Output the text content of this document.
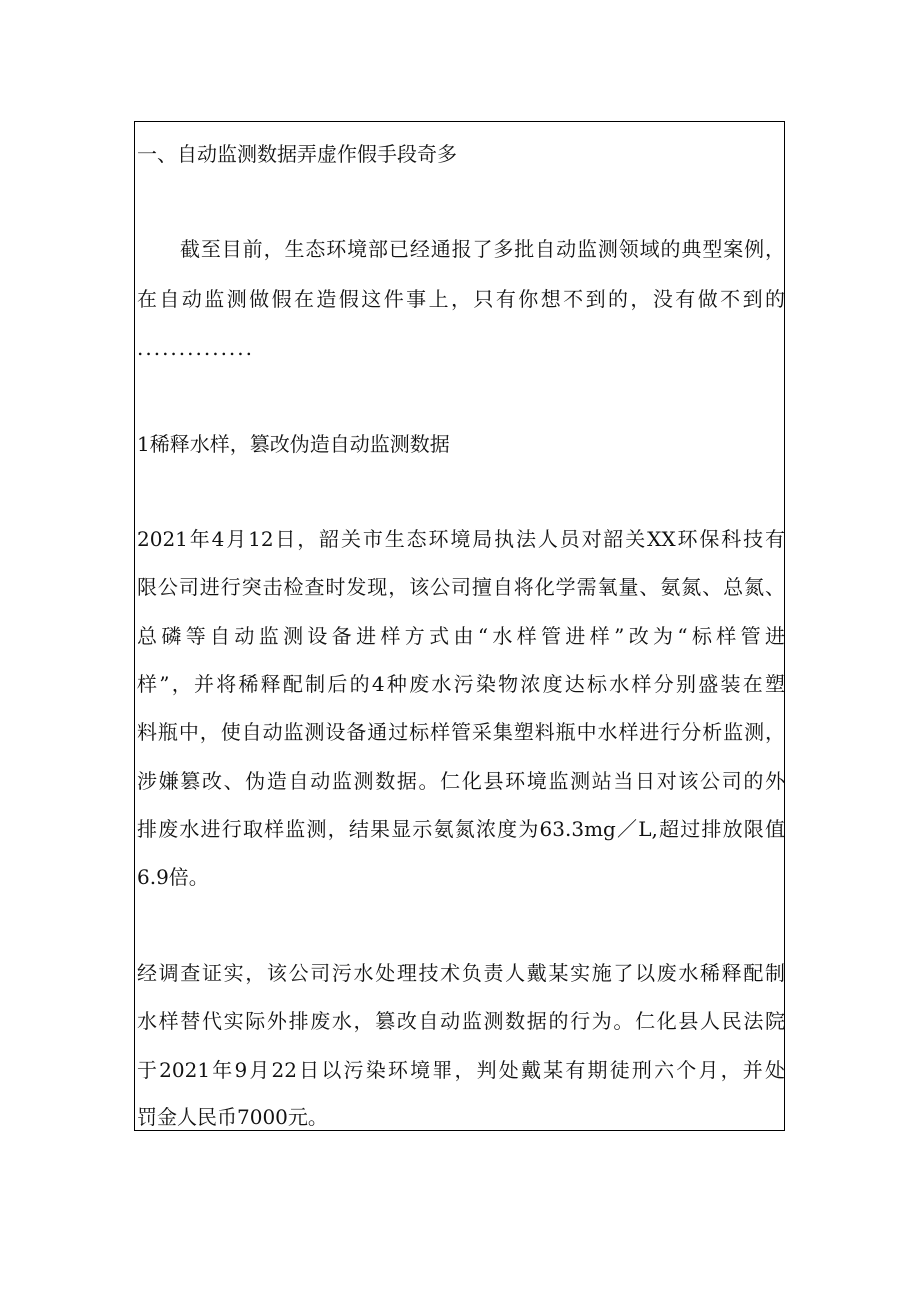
一、自动监测数据弄虚作假手段奇多
截至目前，生态环境部已经通报了多批自动监测领域的典型案例，
在自动监测做假在造假这件事上，只有你想不到的，没有做不到的
..............
1稀释水样，篡改伪造自动监测数据
2021年4月12日，韶关市生态环境局执法人员对韶关XX环保科技有
限公司进行突击检查时发现，该公司擅自将化学需氧量、氨氮、总氮、
总磷等自动监测设备进样方式由“水样管进样”改为“标样管进
样”，并将稀释配制后的4种废水污染物浓度达标水样分别盛装在塑
料瓶中，使自动监测设备通过标样管采集塑料瓶中水样进行分析监测，
涉嫌篡改、伪造自动监测数据。仁化县环境监测站当日对该公司的外
排废水进行取样监测，结果显示氨氮浓度为63.3mg／L,超过排放限值
6.9倍。
经调查证实，该公司污水处理技术负责人戴某实施了以废水稀释配制
水样替代实际外排废水，篡改自动监测数据的行为。仁化县人民法院
于2021年9月22日以污染环境罪，判处戴某有期徒刑六个月，并处
罚金人民币7000元。
